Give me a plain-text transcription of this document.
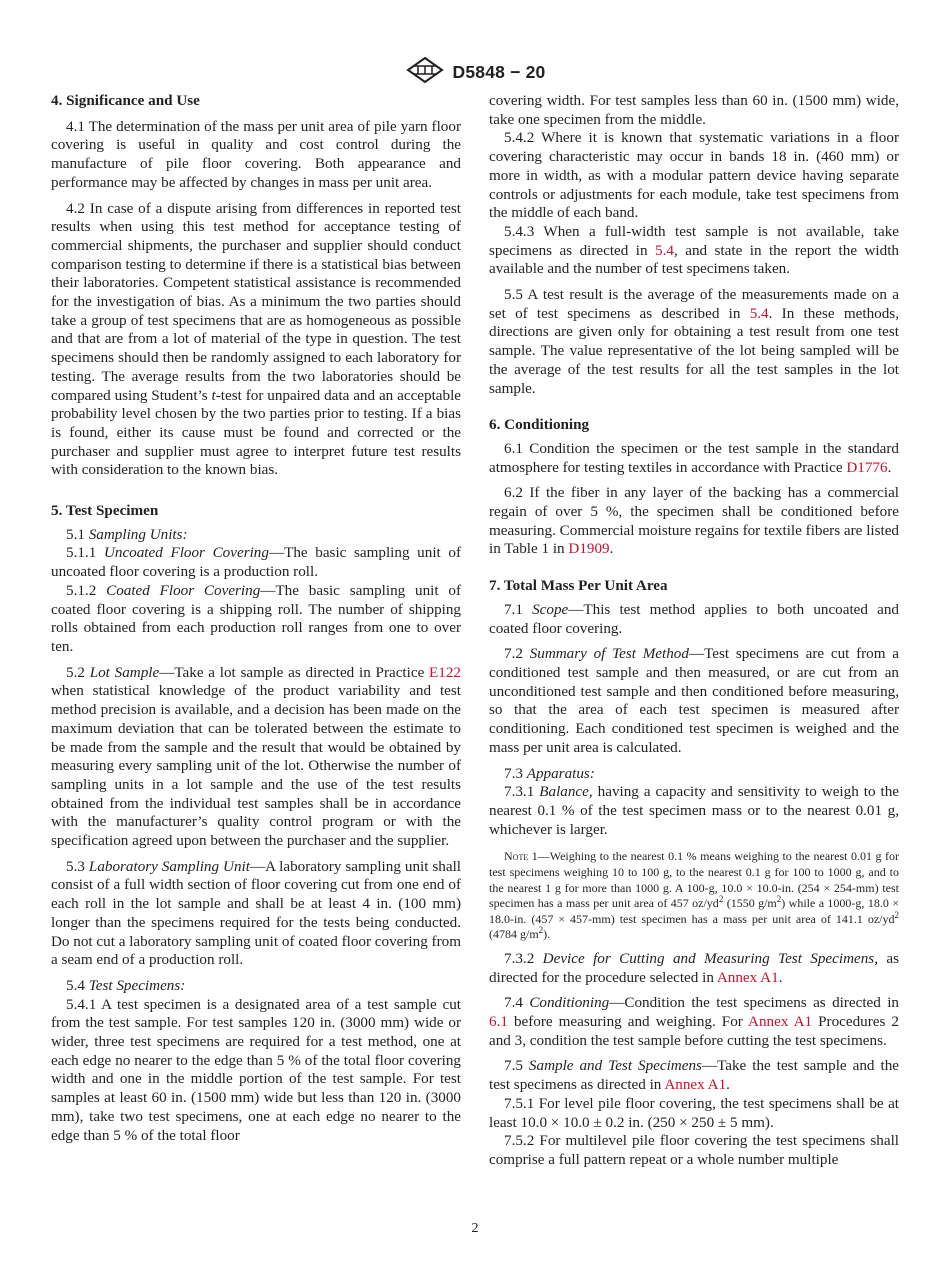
D5848 − 20
4. Significance and Use

4.1 The determination of the mass per unit area of pile yarn floor covering is useful in quality and cost control during the manufacture of pile floor covering. Both appearance and performance may be affected by changes in mass per unit area.

4.2 In case of a dispute arising from differences in reported test results when using this test method for acceptance testing of commercial shipments, the purchaser and supplier should conduct comparison testing to determine if there is a statistical bias between their laboratories. Competent statistical assistance is recommended for the investigation of bias. As a minimum the two parties should take a group of test specimens that are as homogeneous as possible and that are from a lot of material of the type in question. The test specimens should then be randomly assigned to each laboratory for testing. The average results from the two laboratories should be compared using Student’s t-test for unpaired data and an acceptable probability level chosen by the two parties prior to testing. If a bias is found, either its cause must be found and corrected or the purchaser and supplier must agree to interpret future test results with consideration to the known bias.

5. Test Specimen

5.1 Sampling Units:

5.1.1 Uncoated Floor Covering—The basic sampling unit of uncoated floor covering is a production roll.

5.1.2 Coated Floor Covering—The basic sampling unit of coated floor covering is a shipping roll. The number of shipping rolls obtained from each production roll ranges from one to over ten.

5.2 Lot Sample—Take a lot sample as directed in Practice E122 when statistical knowledge of the product variability and test method precision is available, and a decision has been made on the maximum deviation that can be tolerated between the estimate to be made from the sample and the result that would be obtained by measuring every sampling unit of the lot. Otherwise the number of sampling units in a lot sample and the use of the test results obtained from the individual test samples shall be in accordance with the manufacturer’s quality control program or with the specification agreed upon between the purchaser and the supplier.

5.3 Laboratory Sampling Unit—A laboratory sampling unit shall consist of a full width section of floor covering cut from one end of each roll in the lot sample and shall be at least 4 in. (100 mm) longer than the specimens required for the tests being conducted. Do not cut a laboratory sampling unit of coated floor covering from a seam end of a production roll.

5.4 Test Specimens:

5.4.1 A test specimen is a designated area of a test sample cut from the test sample. For test samples 120 in. (3000 mm) wide or wider, three test specimens are required for a test method, one at each edge no nearer to the edge than 5 % of the total floor covering width and one in the middle portion of the test sample. For test samples at least 60 in. (1500 mm) wide but less than 120 in. (3000 mm), take two test specimens, one at each edge no nearer to the edge than 5 % of the total floor

covering width. For test samples less than 60 in. (1500 mm) wide, take one specimen from the middle.

5.4.2 Where it is known that systematic variations in a floor covering characteristic may occur in bands 18 in. (460 mm) or more in width, as with a modular pattern device having separate controls or adjustments for each module, take test specimens from the middle of each band.

5.4.3 When a full-width test sample is not available, take specimens as directed in 5.4, and state in the report the width available and the number of test specimens taken.

5.5 A test result is the average of the measurements made on a set of test specimens as described in 5.4. In these methods, directions are given only for obtaining a test result from one test sample. The value representative of the lot being sampled will be the average of the test results for all the test samples in the lot sample.

6. Conditioning

6.1 Condition the specimen or the test sample in the standard atmosphere for testing textiles in accordance with Practice D1776.

6.2 If the fiber in any layer of the backing has a commercial regain of over 5 %, the specimen shall be conditioned before measuring. Commercial moisture regains for textile fibers are listed in Table 1 in D1909.

7. Total Mass Per Unit Area

7.1 Scope—This test method applies to both uncoated and coated floor covering.

7.2 Summary of Test Method—Test specimens are cut from a conditioned test sample and then measured, or are cut from an unconditioned test sample and then conditioned before measuring, so that the area of each test specimen is measured after conditioning. Each conditioned test specimen is weighed and the mass per unit area is calculated.

7.3 Apparatus:

7.3.1 Balance, having a capacity and sensitivity to weigh to the nearest 0.1 % of the test specimen mass or to the nearest 0.01 g, whichever is larger.

Note 1—Weighing to the nearest 0.1 % means weighing to the nearest 0.01 g for test specimens weighing 10 to 100 g, to the nearest 0.1 g for 100 to 1000 g, and to the nearest 1 g for more than 1000 g. A 100-g, 10.0 × 10.0-in. (254 × 254-mm) test specimen has a mass per unit area of 457 $oz/yd^2$ (1550 $g/m^2$) while a 1000-g, 18.0 × 18.0-in. (457 × 457-mm) test specimen has a mass per unit area of 141.1 $oz/yd^2$ (4784 $g/m^2$).

7.3.2 Device for Cutting and Measuring Test Specimens, as directed for the procedure selected in Annex A1.

7.4 Conditioning—Condition the test specimens as directed in 6.1 before measuring and weighing. For Annex A1 Procedures 2 and 3, condition the test sample before cutting the test specimens.

7.5 Sample and Test Specimens—Take the test sample and the test specimens as directed in Annex A1.

7.5.1 For level pile floor covering, the test specimens shall be at least 10.0 × 10.0 ± 0.2 in. (250 × 250 ± 5 mm).

7.5.2 For multilevel pile floor covering the test specimens shall comprise a full pattern repeat or a whole number multiple

2
